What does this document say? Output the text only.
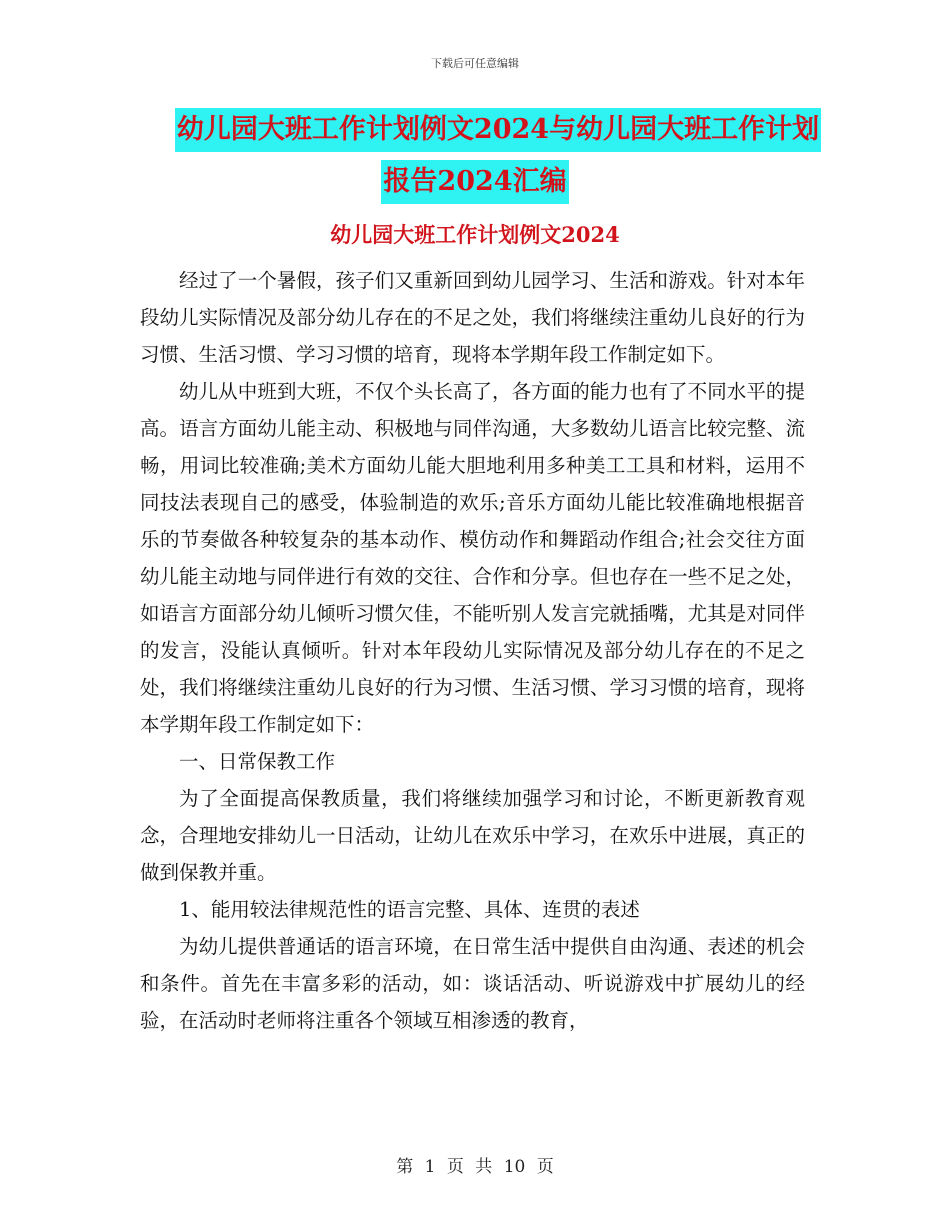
下载后可任意编辑
幼儿园大班工作计划例文2024与幼儿园大班工作计划
报告2024汇编
幼儿园大班工作计划例文2024

经过了一个暑假，孩子们又重新回到幼儿园学习、生活和游戏。针对本年段幼儿实际情况及部分幼儿存在的不足之处，我们将继续注重幼儿良好的行为习惯、生活习惯、学习习惯的培育，现将本学期年段工作制定如下。

幼儿从中班到大班，不仅个头长高了，各方面的能力也有了不同水平的提高。语言方面幼儿能主动、积极地与同伴沟通，大多数幼儿语言比较完整、流畅，用词比较准确;美术方面幼儿能大胆地利用多种美工工具和材料，运用不同技法表现自己的感受，体验制造的欢乐;音乐方面幼儿能比较准确地根据音乐的节奏做各种较复杂的基本动作、模仿动作和舞蹈动作组合;社会交往方面幼儿能主动地与同伴进行有效的交往、合作和分享。但也存在一些不足之处，如语言方面部分幼儿倾听习惯欠佳，不能听别人发言完就插嘴，尤其是对同伴的发言，没能认真倾听。针对本年段幼儿实际情况及部分幼儿存在的不足之处，我们将继续注重幼儿良好的行为习惯、生活习惯、学习习惯的培育，现将本学期年段工作制定如下：

一、日常保教工作

为了全面提高保教质量，我们将继续加强学习和讨论，不断更新教育观念，合理地安排幼儿一日活动，让幼儿在欢乐中学习，在欢乐中进展，真正的做到保教并重。

1、能用较法律规范性的语言完整、具体、连贯的表述

为幼儿提供普通话的语言环境，在日常生活中提供自由沟通、表述的机会和条件。首先在丰富多彩的活动，如：谈话活动、听说游戏中扩展幼儿的经验，在活动时老师将注重各个领域互相渗透的教育，

第 1 页 共 10 页
